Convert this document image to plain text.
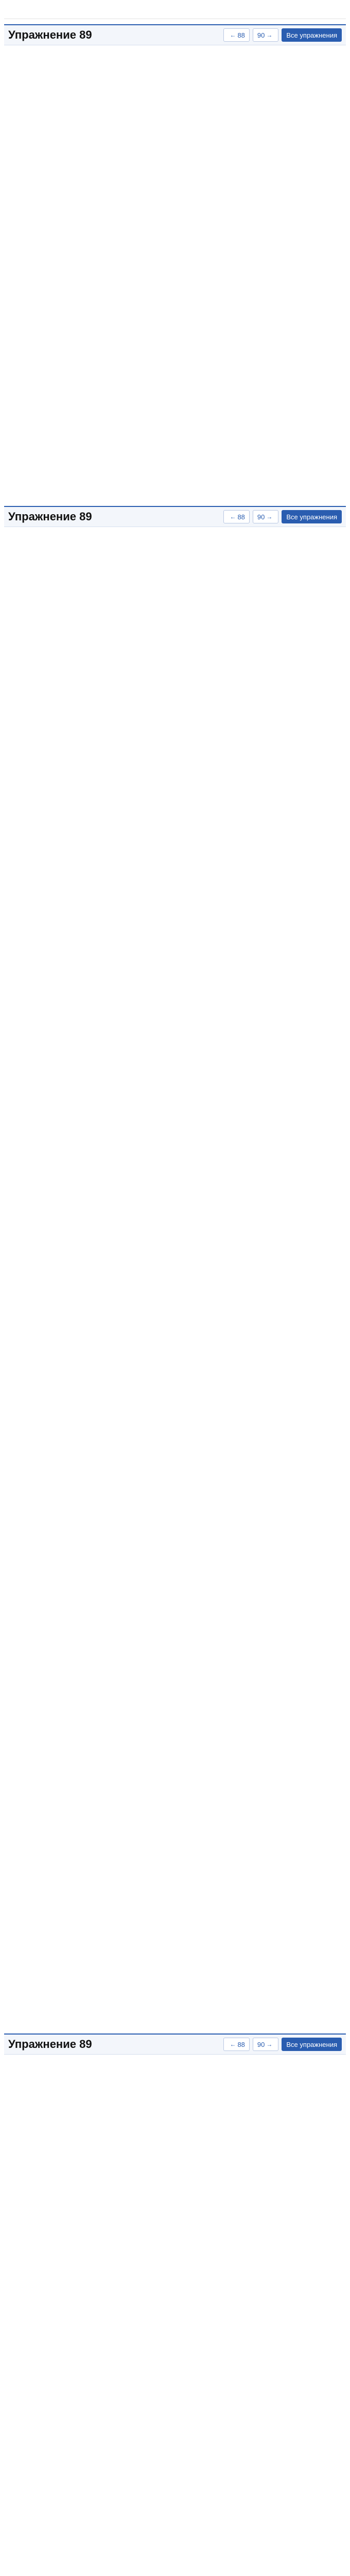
Упражнение 89	← 88 90 →	Все упражнения

Упражнение 89	← 88 90 →	Все упражнения

Упражнение 89	← 88 90 →	Все упражнения
